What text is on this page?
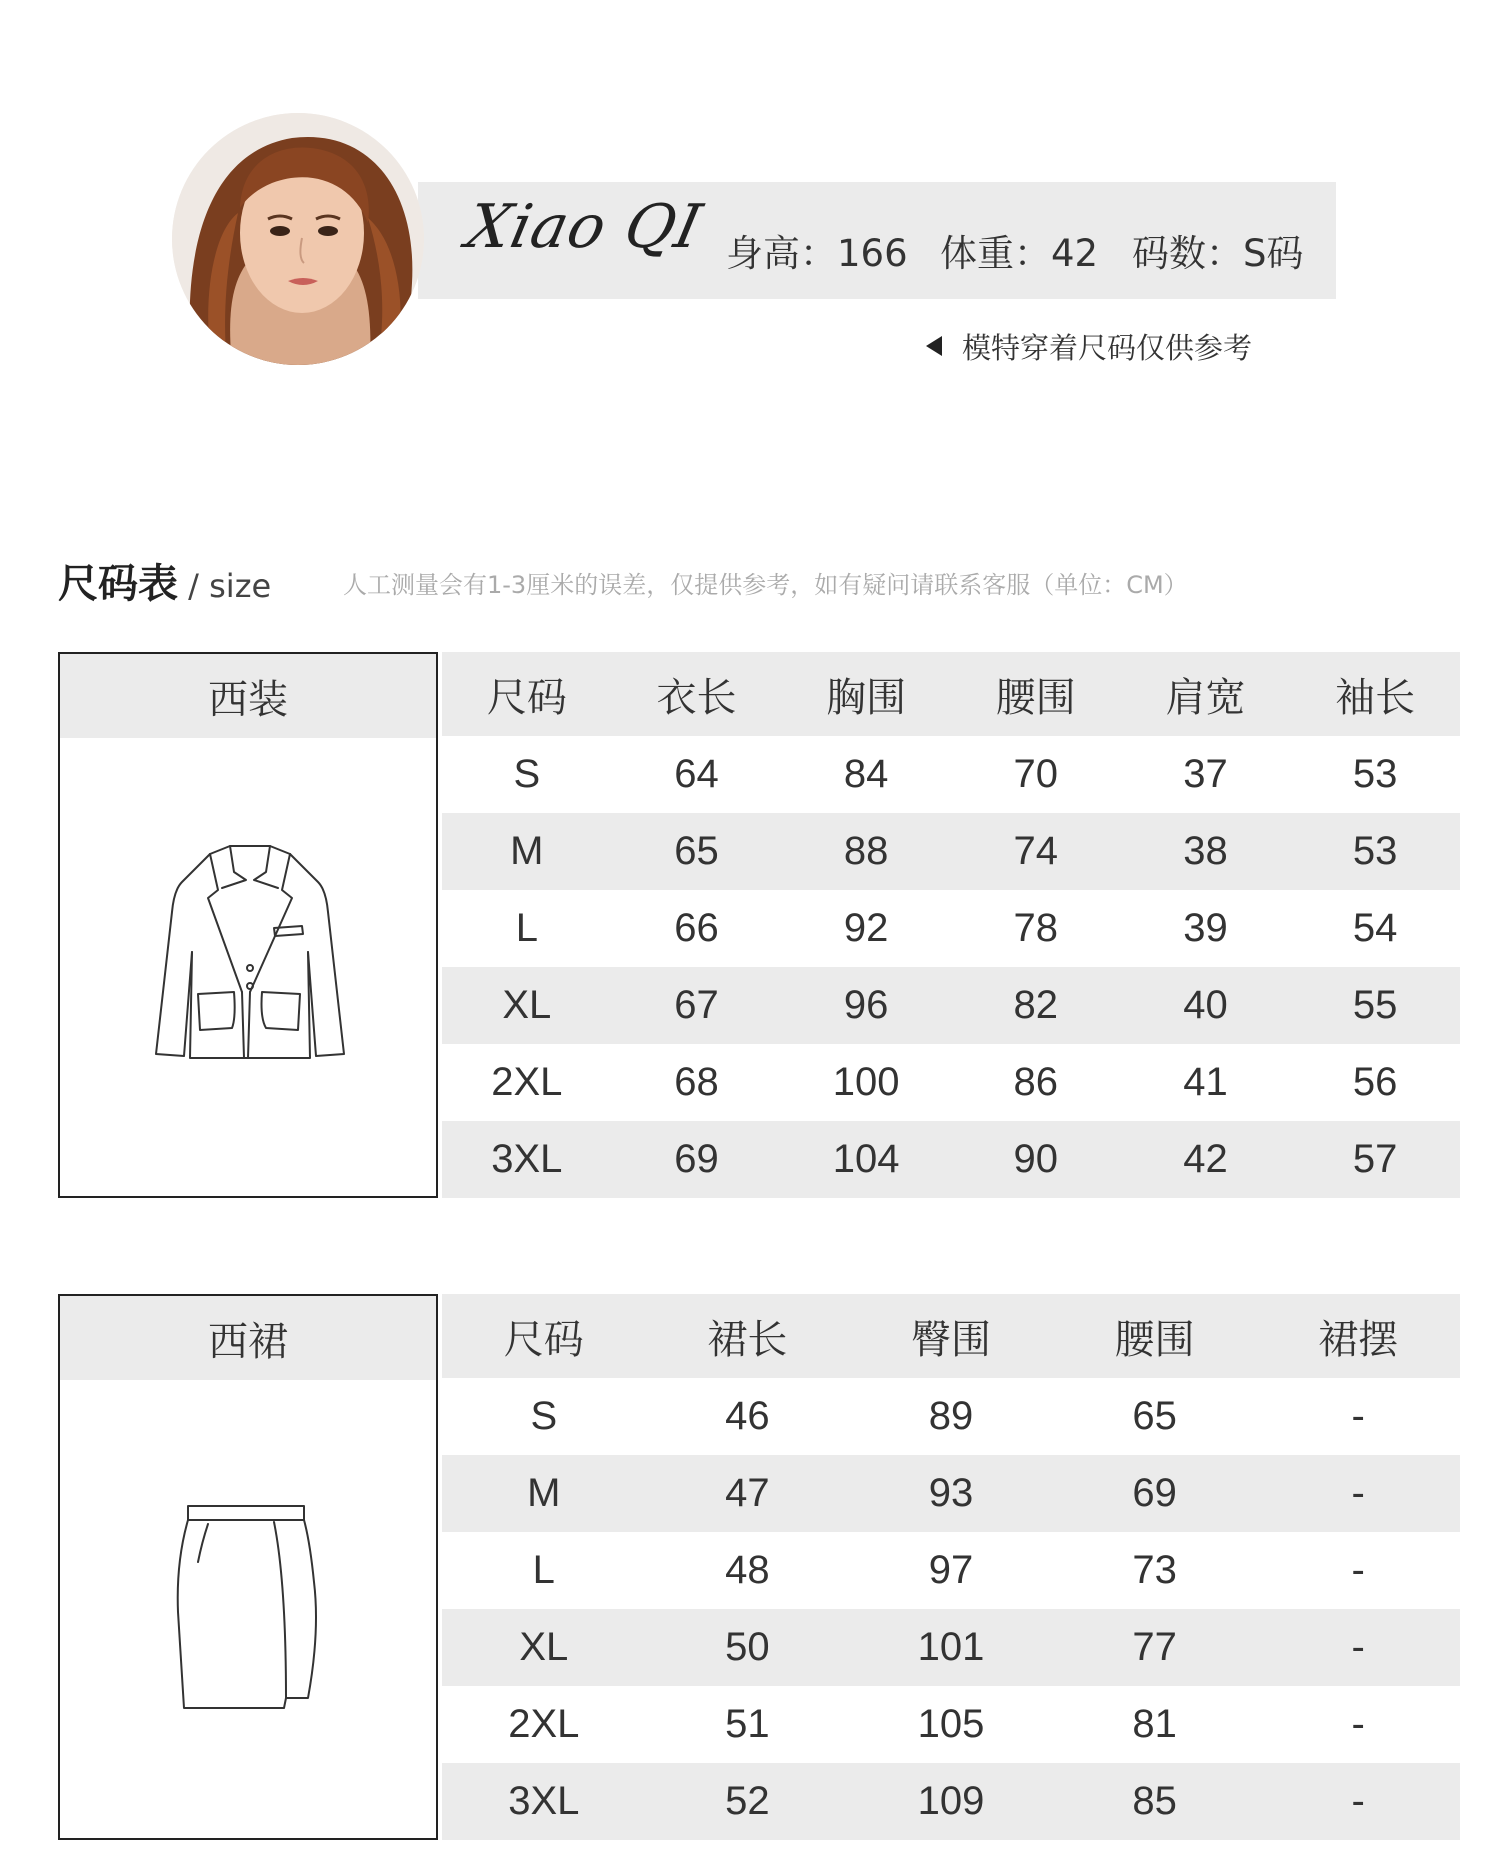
Xiao QI 身高：166 体重：42 码数：S码
模特穿着尺码仅供参考
尺码表 / size	人工测量会有1-3厘米的误差，仅提供参考，如有疑问请联系客服（单位：CM）
西装	尺码	衣长	胸围	腰围	肩宽	袖长
S	64	84	70	37	53
M	65	88	74	38	53
L	66	92	78	39	54
XL	67	96	82	40	55
2XL	68	100	86	41	56
3XL	69	104	90	42	57
西裙	尺码	裙长	臀围	腰围	裙摆
S	46	89	65	-
M	47	93	69	-
L	48	97	73	-
XL	50	101	77	-
2XL	51	105	81	-
3XL	52	109	85	-
